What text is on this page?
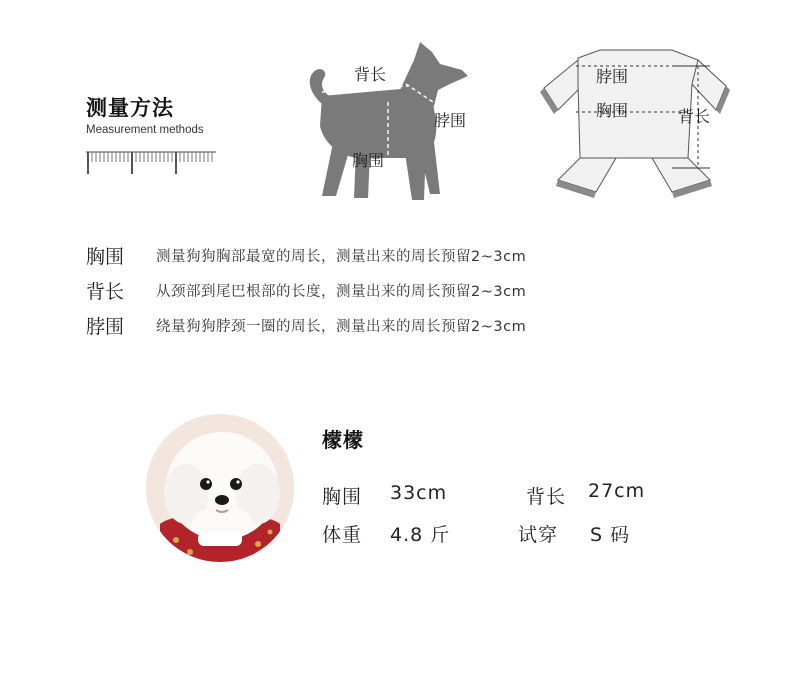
测量方法
Measurement methods
背长
脖围
胸围
脖围
胸围	背长
胸围	测量狗狗胸部最宽的周长，测量出来的周长预留2~3cm
背长	从颈部到尾巴根部的长度，测量出来的周长预留2~3cm
脖围	绕量狗狗脖颈一圈的周长，测量出来的周长预留2~3cm
檬檬
胸围 33cm	背长 27cm
体重 4.8 斤	试穿 S 码
